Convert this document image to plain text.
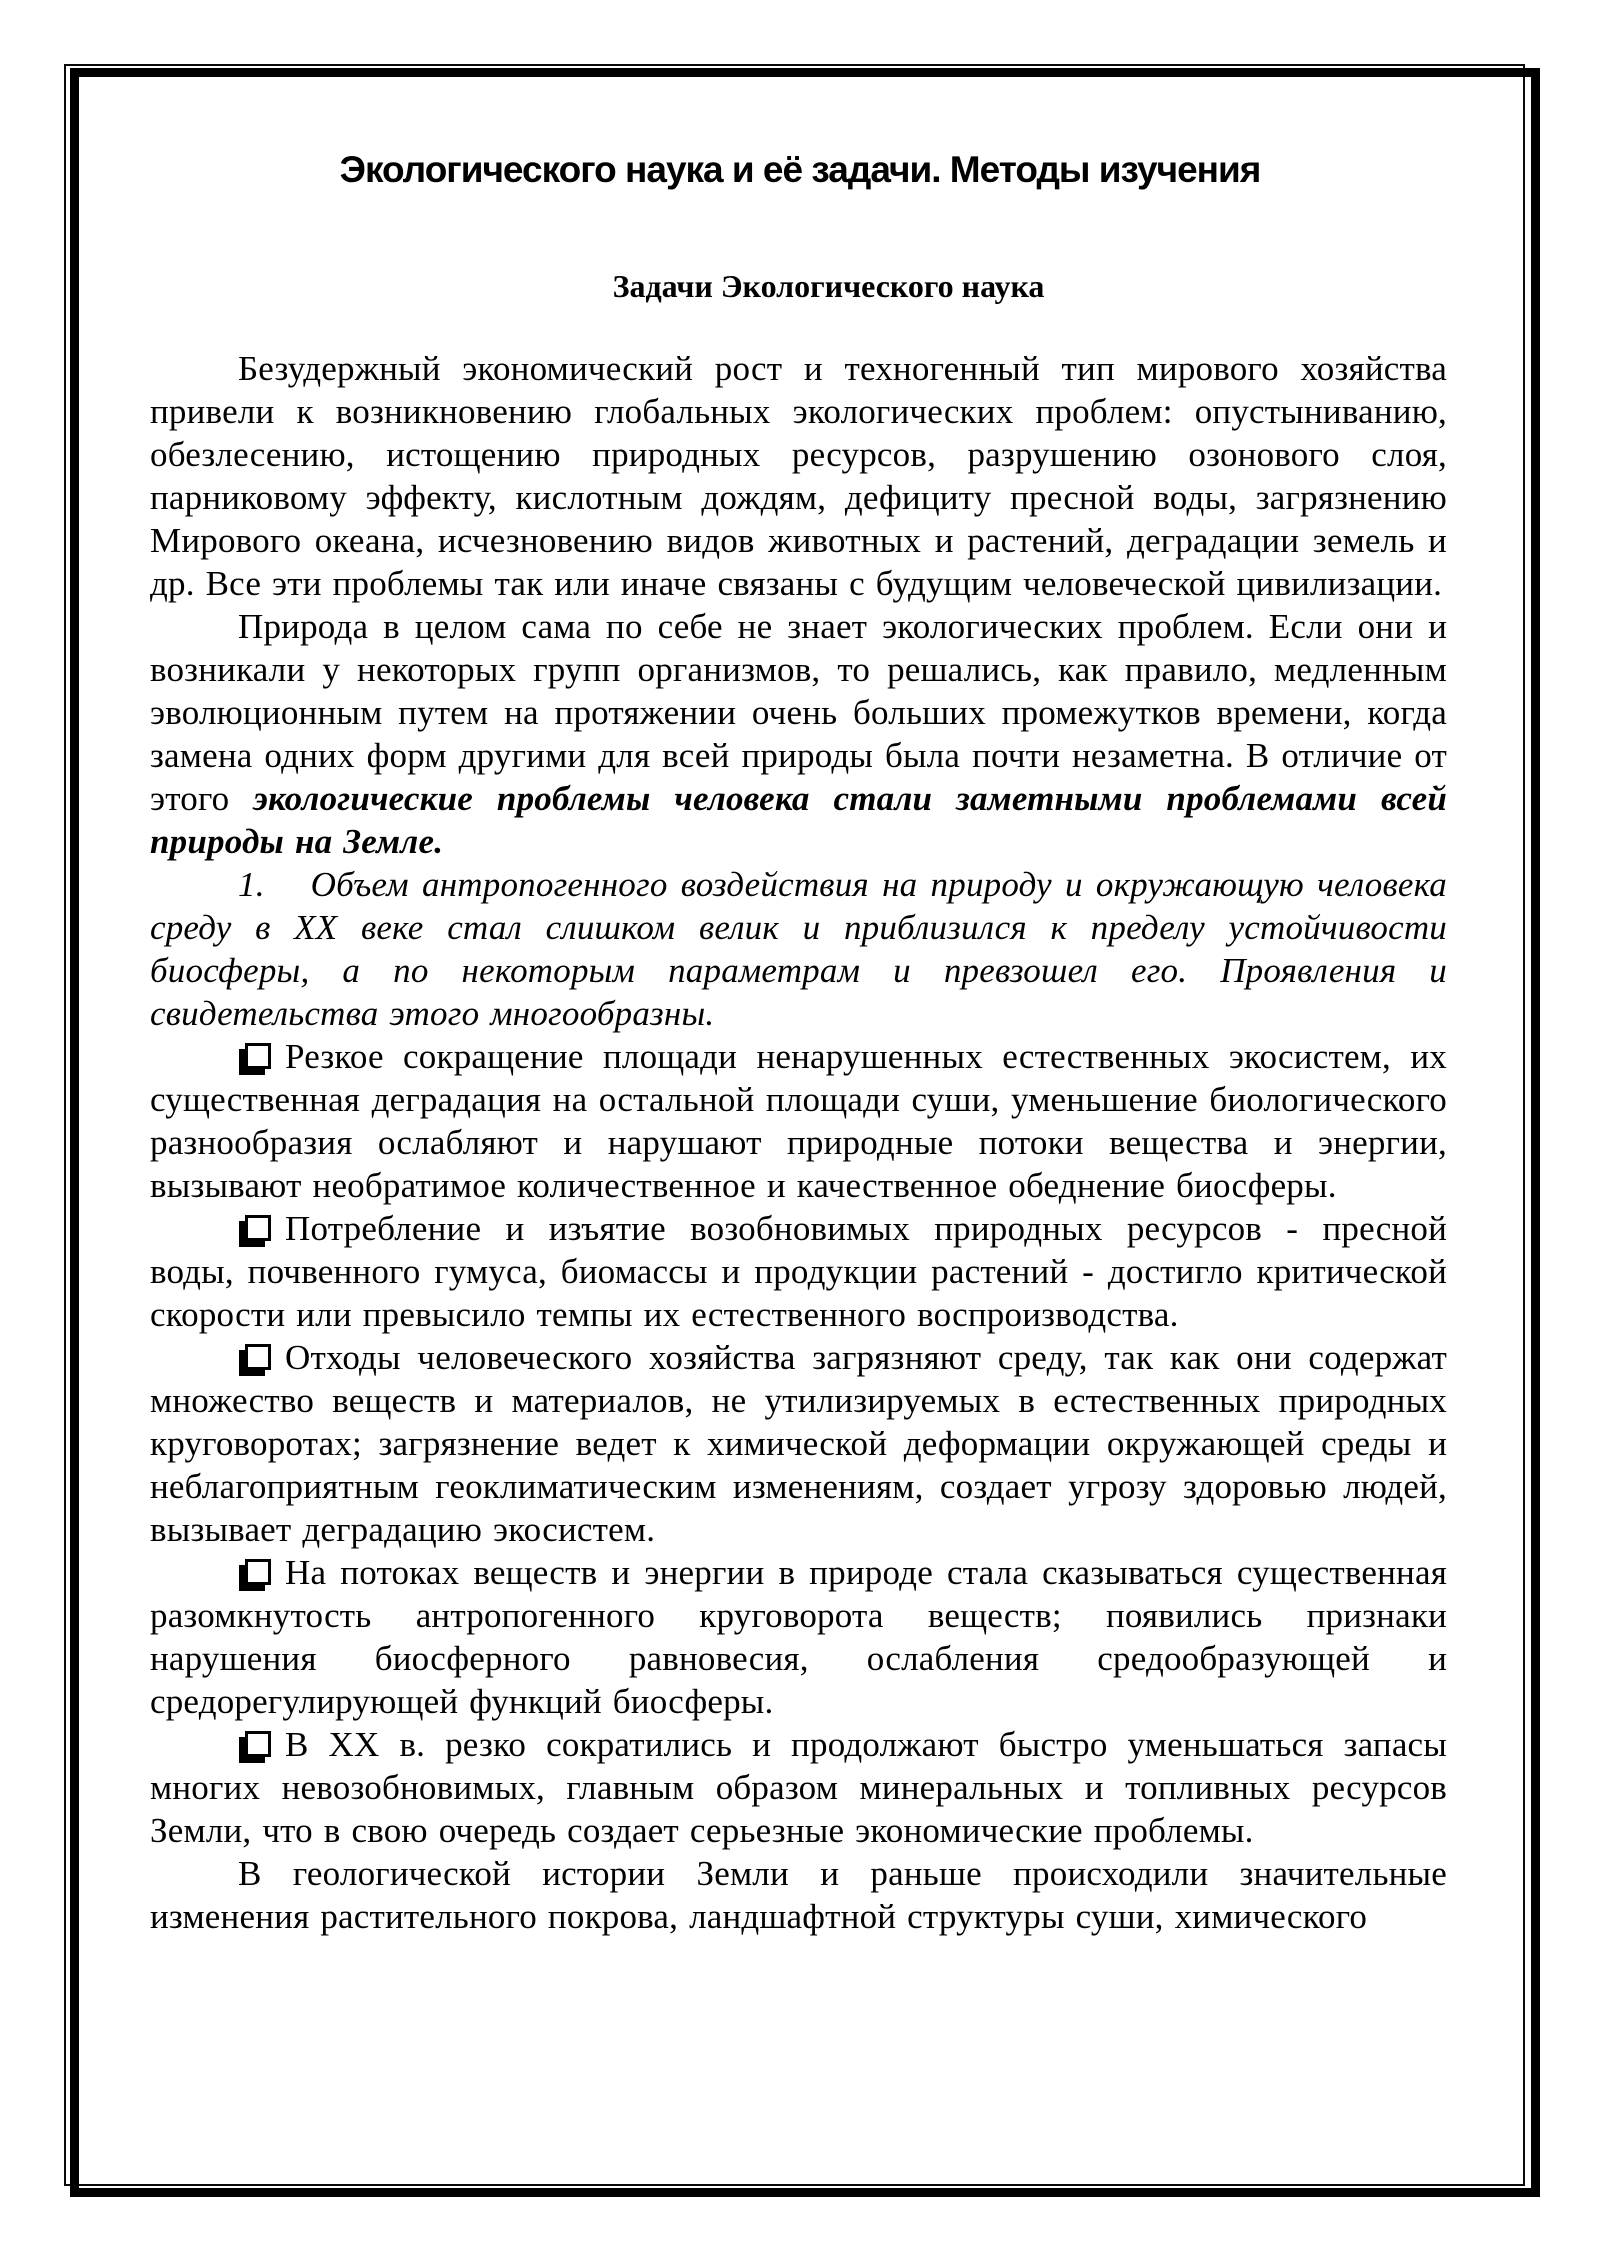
Экологического наука и её задачи. Методы изучения
Задачи Экологического наука

Безудержный экономический рост и техногенный тип мирового хозяйства привели к возникновению глобальных экологических проблем: опустыниванию, обезлесению, истощению природных ресурсов, разрушению озонового слоя, парниковому эффекту, кислотным дождям, дефициту пресной воды, загрязнению Мирового океана, исчезновению видов животных и растений, деградации земель и др. Все эти проблемы так или иначе связаны с будущим человеческой цивилизации.

Природа в целом сама по себе не знает экологических проблем. Если они и возникали у некоторых групп организмов, то решались, как правило, медленным эволюционным путем на протяжении очень больших промежутков времени, когда замена одних форм другими для всей природы была почти незаметна. В отличие от этого экологические проблемы человека стали заметными проблемами всей природы на Земле.

1. Объем антропогенного воздействия на природу и окружающую человека среду в XX веке стал слишком велик и приблизился к пределу устойчивости биосферы, а по некоторым параметрам и превзошел его. Проявления и свидетельства этого многообразны.

Резкое сокращение площади ненарушенных естественных экосистем, их существенная деградация на остальной площади суши, уменьшение биологического разнообразия ослабляют и нарушают природные потоки вещества и энергии, вызывают необратимое количественное и качественное обеднение биосферы.

Потребление и изъятие возобновимых природных ресурсов - пресной воды, почвенного гумуса, биомассы и продукции растений - достигло критической скорости или превысило темпы их естественного воспроизводства.

Отходы человеческого хозяйства загрязняют среду, так как они содержат множество веществ и материалов, не утилизируемых в естественных природных круговоротах; загрязнение ведет к химической деформации окружающей среды и неблагоприятным геоклиматическим изменениям, создает угрозу здоровью людей, вызывает деградацию экосистем.

На потоках веществ и энергии в природе стала сказываться существенная разомкнутость антропогенного круговорота веществ; появились признаки нарушения биосферного равновесия, ослабления средообразующей и средорегулирующей функций биосферы.

В XX в. резко сократились и продолжают быстро уменьшаться запасы многих невозобновимых, главным образом минеральных и топливных ресурсов Земли, что в свою очередь создает серьезные экономические проблемы.

В геологической истории Земли и раньше происходили значительные изменения растительного покрова, ландшафтной структуры суши, химического
